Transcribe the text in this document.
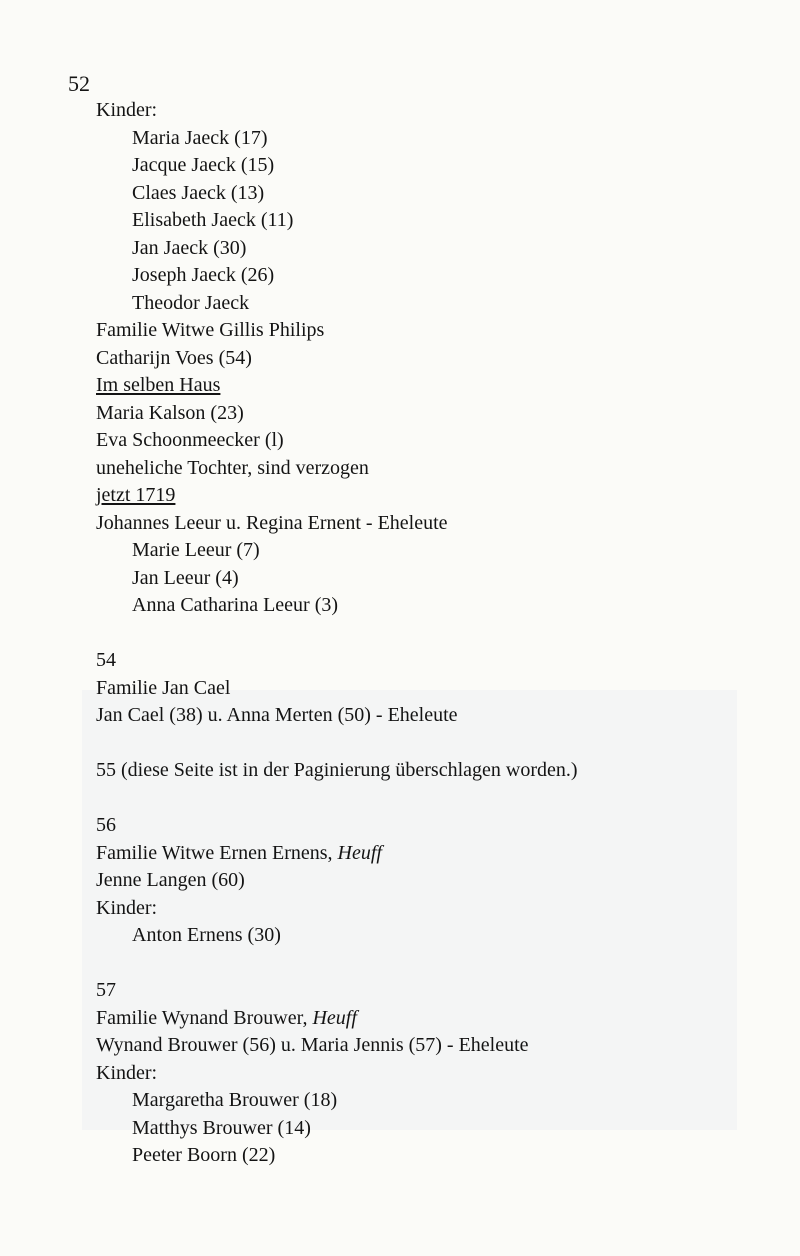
52
Kinder:
Maria Jaeck (17)
Jacque Jaeck (15)
Claes Jaeck (13)
Elisabeth Jaeck (11)
Jan Jaeck (30)
Joseph Jaeck (26)
Theodor Jaeck
Familie Witwe Gillis Philips
Catharijn Voes (54)
Im selben Haus
Maria Kalson (23)
Eva Schoonmeecker (l)
uneheliche Tochter, sind verzogen
jetzt 1719
Johannes Leeur u. Regina Ernent - Eheleute
Marie Leeur (7)
Jan Leeur (4)
Anna Catharina Leeur (3)
54
Familie Jan Cael
Jan Cael (38) u. Anna Merten (50) - Eheleute
55 (diese Seite ist in der Paginierung überschlagen worden.)
56
Familie Witwe Ernen Ernens, Heuff
Jenne Langen (60)
Kinder:
Anton Ernens (30)
57
Familie Wynand Brouwer, Heuff
Wynand Brouwer (56) u. Maria Jennis (57) - Eheleute
Kinder:
Margaretha Brouwer (18)
Matthys Brouwer (14)
Peeter Boorn (22)
